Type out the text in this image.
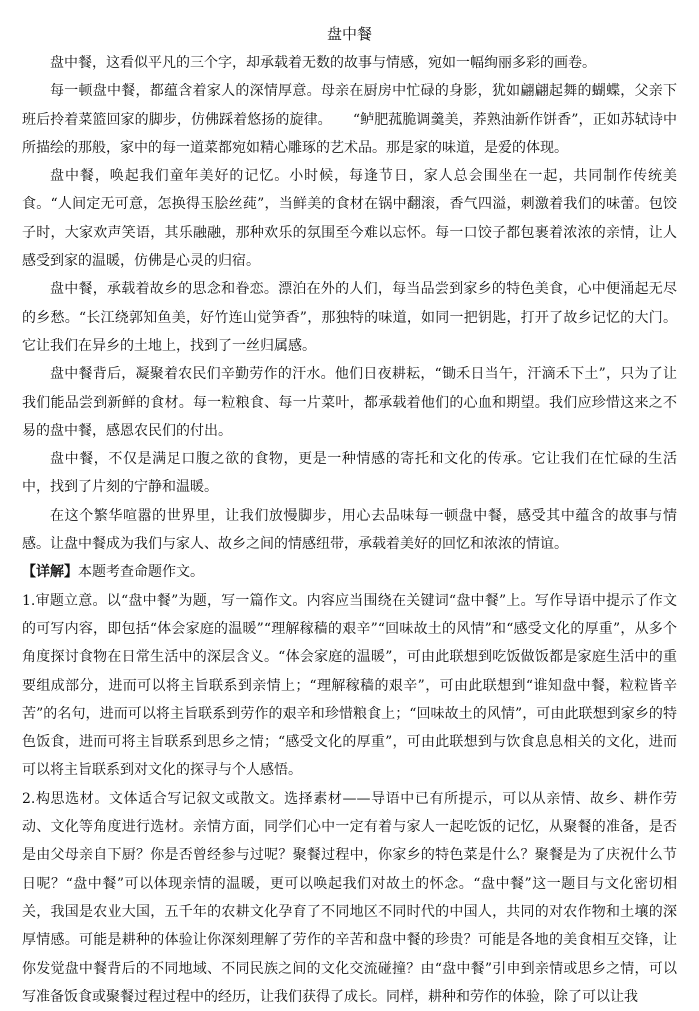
盘中餐

盘中餐，这看似平凡的三个字，却承载着无数的故事与情感，宛如一幅绚丽多彩的画卷。

每一顿盘中餐，都蕴含着家人的深情厚意。母亲在厨房中忙碌的身影，犹如翩翩起舞的蝴蝶，父亲下班后拎着菜篮回家的脚步，仿佛踩着悠扬的旋律。　　“鲈肥菰脆调羹美，荞熟油新作饼香”，正如苏轼诗中所描绘的那般，家中的每一道菜都宛如精心雕琢的艺术品。那是家的味道，是爱的体现。

盘中餐，唤起我们童年美好的记忆。小时候，每逢节日，家人总会围坐在一起，共同制作传统美食。“人间定无可意，怎换得玉脍丝莼”，当鲜美的食材在锅中翻滚，香气四溢，刺激着我们的味蕾。包饺子时，大家欢声笑语，其乐融融，那种欢乐的氛围至今难以忘怀。每一口饺子都包裹着浓浓的亲情，让人感受到家的温暖，仿佛是心灵的归宿。

盘中餐，承载着故乡的思念和眷恋。漂泊在外的人们，每当品尝到家乡的特色美食，心中便涌起无尽的乡愁。“长江绕郭知鱼美，好竹连山觉笋香”，那独特的味道，如同一把钥匙，打开了故乡记忆的大门。它让我们在异乡的土地上，找到了一丝归属感。

盘中餐背后，凝聚着农民们辛勤劳作的汗水。他们日夜耕耘，“锄禾日当午，汗滴禾下土”，只为了让我们能品尝到新鲜的食材。每一粒粮食、每一片菜叶，都承载着他们的心血和期望。我们应珍惜这来之不易的盘中餐，感恩农民们的付出。

盘中餐，不仅是满足口腹之欲的食物，更是一种情感的寄托和文化的传承。它让我们在忙碌的生活中，找到了片刻的宁静和温暖。

在这个繁华喧嚣的世界里，让我们放慢脚步，用心去品味每一顿盘中餐，感受其中蕴含的故事与情感。让盘中餐成为我们与家人、故乡之间的情感纽带，承载着美好的回忆和浓浓的情谊。

【详解】本题考查命题作文。

1.审题立意。以“盘中餐”为题，写一篇作文。内容应当围绕在关键词“盘中餐”上。写作导语中提示了作文的可写内容，即包括“体会家庭的温暖”“理解稼穑的艰辛”“回味故土的风情”和“感受文化的厚重”，从多个角度探讨食物在日常生活中的深层含义。“体会家庭的温暖”，可由此联想到吃饭做饭都是家庭生活中的重要组成部分，进而可以将主旨联系到亲情上；“理解稼穑的艰辛”，可由此联想到“谁知盘中餐，粒粒皆辛苦”的名句，进而可以将主旨联系到劳作的艰辛和珍惜粮食上；“回味故土的风情”，可由此联想到家乡的特色饭食，进而可将主旨联系到思乡之情；“感受文化的厚重”，可由此联想到与饮食息息相关的文化，进而可以将主旨联系到对文化的探寻与个人感悟。

2.构思选材。文体适合写记叙文或散文。选择素材——导语中已有所提示，可以从亲情、故乡、耕作劳动、文化等角度进行选材。亲情方面，同学们心中一定有着与家人一起吃饭的记忆，从聚餐的准备，是否是由父母亲自下厨？你是否曾经参与过呢？聚餐过程中，你家乡的特色菜是什么？聚餐是为了庆祝什么节日呢？“盘中餐”可以体现亲情的温暖，更可以唤起我们对故土的怀念。“盘中餐”这一题目与文化密切相关，我国是农业大国，五千年的农耕文化孕育了不同地区不同时代的中国人，共同的对农作物和土壤的深厚情感。可能是耕种的体验让你深刻理解了劳作的辛苦和盘中餐的珍贵？可能是各地的美食相互交锋，让你发觉盘中餐背后的不同地域、不同民族之间的文化交流碰撞？由“盘中餐”引申到亲情或思乡之情，可以写准备饭食或聚餐过程过程中的经历，让我们获得了成长。同样，耕种和劳作的体验，除了可以让我
